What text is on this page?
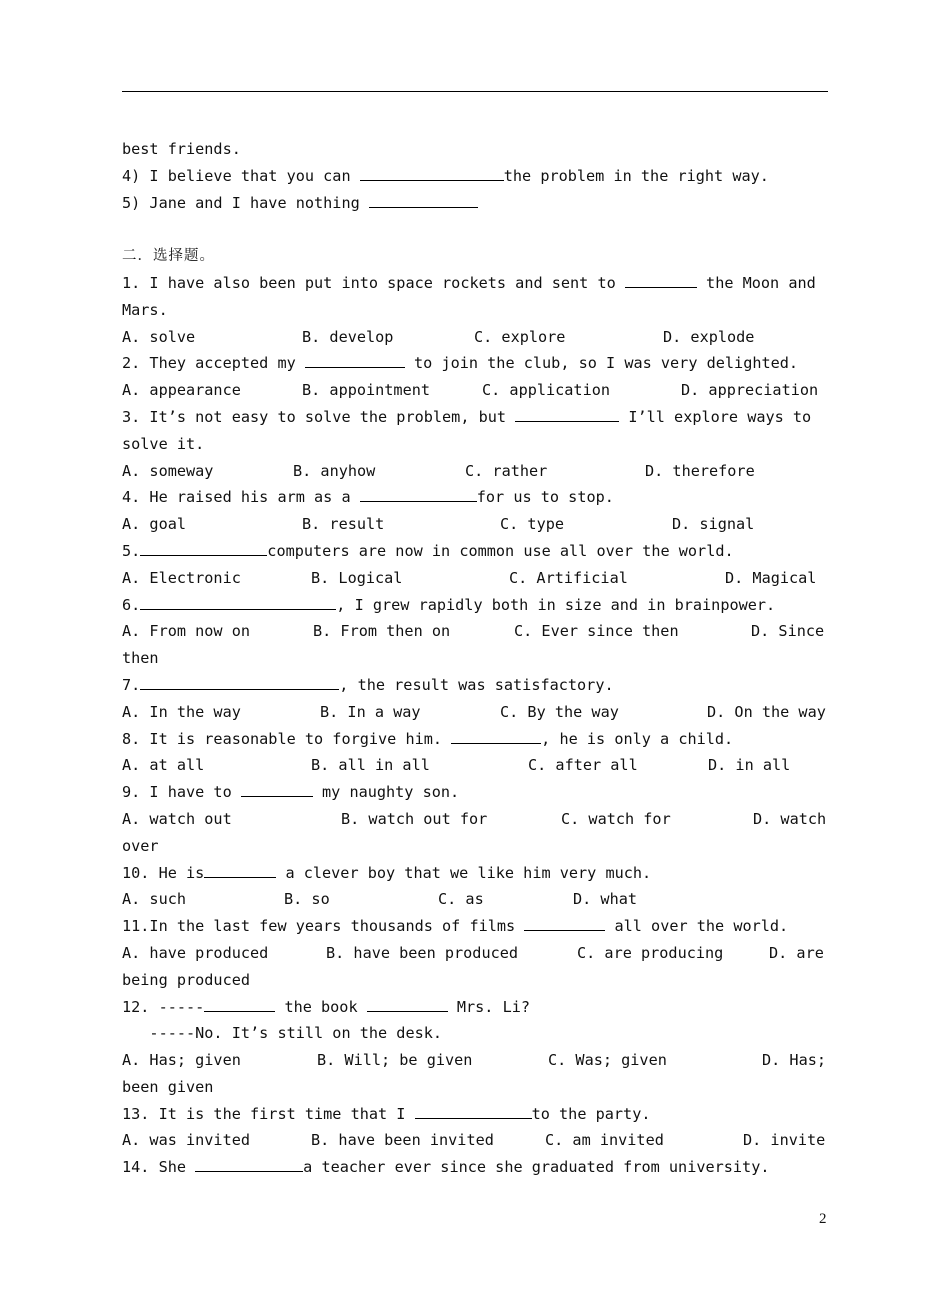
best friends.
4) I believe that you can	the problem in the right way.
5) Jane and I have nothing
二．选择题。
1. I have also been put into space rockets and sent to	the Moon and
Mars.
A. solve	B. develop	C. explore	D. explode
2. They accepted my	to join the club, so I was very delighted.
A. appearance	B. appointment	C. application	D. appreciation
3. It’s not easy to solve the problem, but	I’ll explore ways to
solve it.
A. someway	B. anyhow	C. rather	D. therefore
4. He raised his arm as a	for us to stop.
A. goal	B. result	C. type	D. signal
5.	computers are now in common use all over the world.
A. Electronic	B. Logical	C. Artificial	D. Magical
6.	, I grew rapidly both in size and in brainpower.
A. From now on	B. From then on	C. Ever since then	D. Since
then
7.	, the result was satisfactory.
A. In the way	B. In a way	C. By the way	D. On the way
8. It is reasonable to forgive him.	, he is only a child.
A. at all	B. all in all	C. after all	D. in all
9. I have to	my naughty son.
A. watch out	B. watch out for	C. watch for	D. watch
over
10. He is	a clever boy that we like him very much.
A. such	B. so	C. as	D. what
11.In the last few years thousands of films	all over the world.
A. have produced	B. have been produced	C. are producing	D. are
being produced
12. -----	the book	Mrs. Li?
-----No. It’s still on the desk.
A. Has; given	B. Will; be given	C. Was; given	D. Has;
been given
13. It is the first time that I	to the party.
A. was invited	B. have been invited	C. am invited	D. invite
14. She	a teacher ever since she graduated from university.
2
